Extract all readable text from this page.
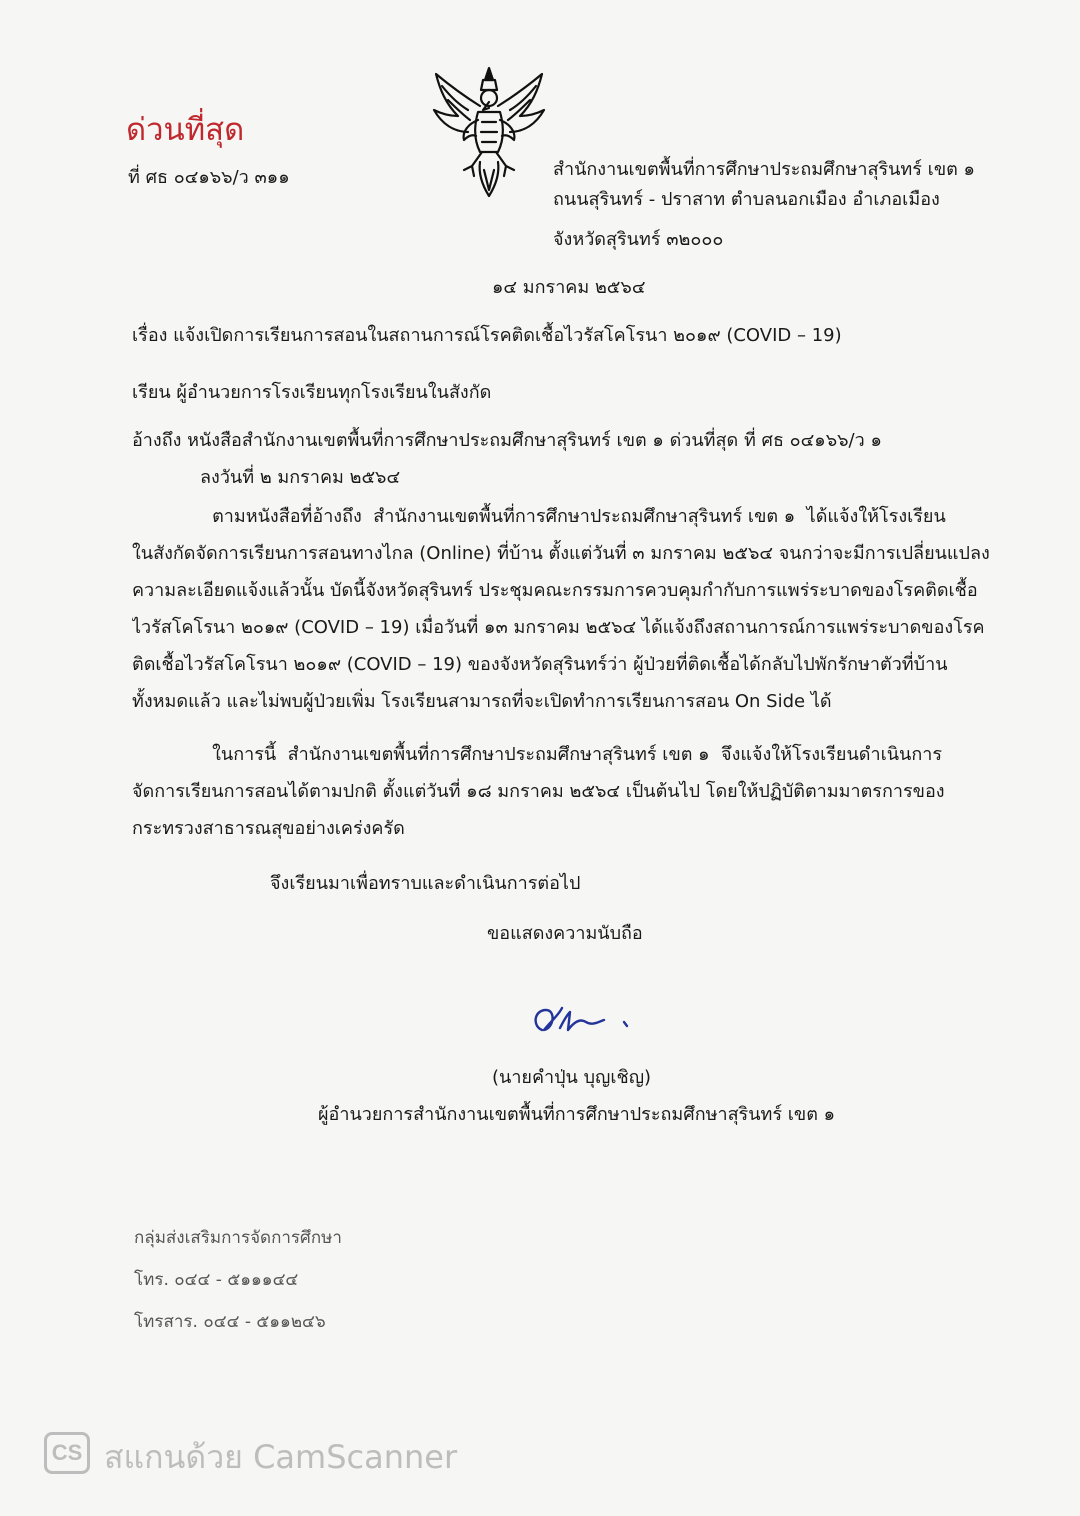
ด่วนที่สุด
ที่ ศธ ๐๔๑๖๖/ว ๓๑๑	สำนักงานเขตพื้นที่การศึกษาประถมศึกษาสุรินทร์ เขต ๑
ถนนสุรินทร์ - ปราสาท ตำบลนอกเมือง อำเภอเมือง
จังหวัดสุรินทร์ ๓๒๐๐๐
๑๔ มกราคม ๒๕๖๔
เรื่อง แจ้งเปิดการเรียนการสอนในสถานการณ์โรคติดเชื้อไวรัสโคโรนา ๒๐๑๙ (COVID – 19)
เรียน ผู้อำนวยการโรงเรียนทุกโรงเรียนในสังกัด
อ้างถึง หนังสือสำนักงานเขตพื้นที่การศึกษาประถมศึกษาสุรินทร์ เขต ๑ ด่วนที่สุด ที่ ศธ ๐๔๑๖๖/ว ๑
ลงวันที่ ๒ มกราคม ๒๕๖๔
ตามหนังสือที่อ้างถึง  สำนักงานเขตพื้นที่การศึกษาประถมศึกษาสุรินทร์ เขต ๑  ได้แจ้งให้โรงเรียน
ในสังกัดจัดการเรียนการสอนทางไกล (Online) ที่บ้าน ตั้งแต่วันที่ ๓ มกราคม ๒๕๖๔ จนกว่าจะมีการเปลี่ยนแปลง
ความละเอียดแจ้งแล้วนั้น บัดนี้จังหวัดสุรินทร์ ประชุมคณะกรรมการควบคุมกำกับการแพร่ระบาดของโรคติดเชื้อ
ไวรัสโคโรนา ๒๐๑๙ (COVID – 19) เมื่อวันที่ ๑๓ มกราคม ๒๕๖๔ ได้แจ้งถึงสถานการณ์การแพร่ระบาดของโรค
ติดเชื้อไวรัสโคโรนา ๒๐๑๙ (COVID – 19) ของจังหวัดสุรินทร์ว่า ผู้ป่วยที่ติดเชื้อได้กลับไปพักรักษาตัวที่บ้าน
ทั้งหมดแล้ว และไม่พบผู้ป่วยเพิ่ม โรงเรียนสามารถที่จะเปิดทำการเรียนการสอน On Side ได้
ในการนี้  สำนักงานเขตพื้นที่การศึกษาประถมศึกษาสุรินทร์ เขต ๑  จึงแจ้งให้โรงเรียนดำเนินการ
จัดการเรียนการสอนได้ตามปกติ ตั้งแต่วันที่ ๑๘ มกราคม ๒๕๖๔ เป็นต้นไป โดยให้ปฏิบัติตามมาตรการของ
กระทรวงสาธารณสุขอย่างเคร่งครัด
จึงเรียนมาเพื่อทราบและดำเนินการต่อไป
ขอแสดงความนับถือ
(นายคำปุ่น บุญเชิญ)
ผู้อำนวยการสำนักงานเขตพื้นที่การศึกษาประถมศึกษาสุรินทร์ เขต ๑
กลุ่มส่งเสริมการจัดการศึกษา
โทร. ๐๔๔ - ๕๑๑๑๔๔
โทรสาร. ๐๔๔ - ๕๑๑๒๔๖
CS สแกนด้วย CamScanner
